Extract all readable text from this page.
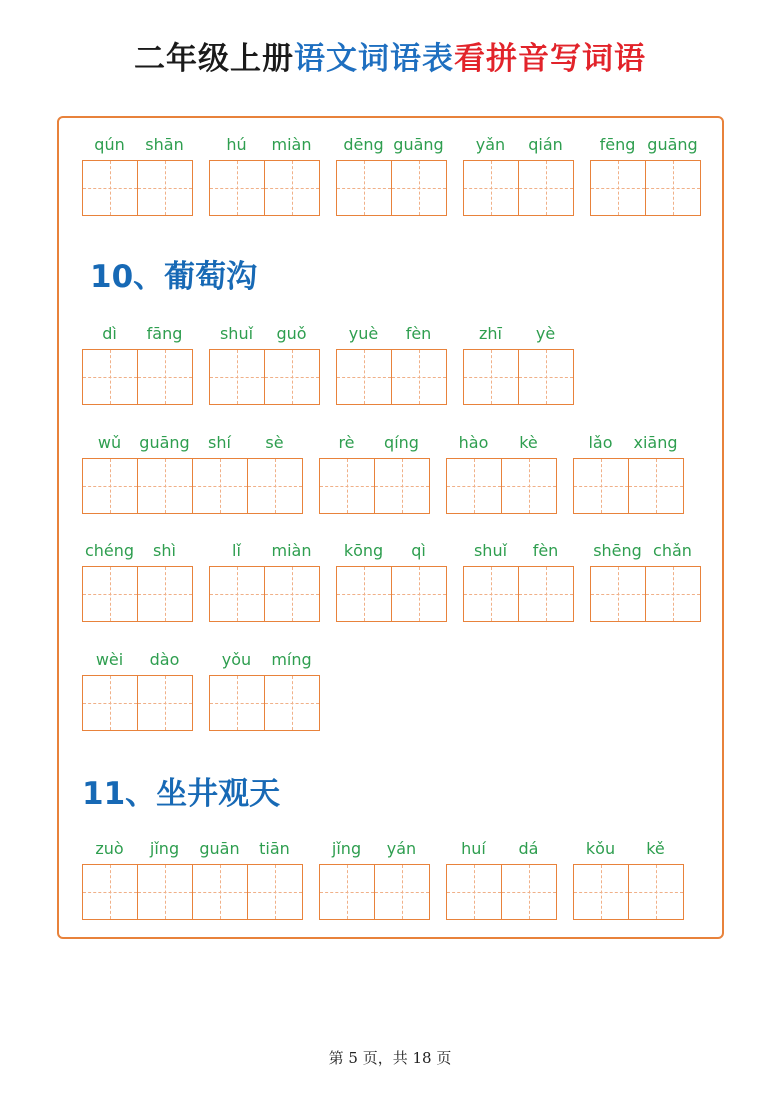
二年级上册语文词语表看拼音写词语
10、葡萄沟
11、坐井观天
qún	shān	hú	miàn	dēng guāng	yǎn	qián	fēng guāng
dì	fāng	shuǐ	guǒ	yuè	fèn	zhī	yè
wǔ	guāng	shí	sè	rè	qíng	hào	kè	lǎo	xiāng
chéng	shì	lǐ	miàn	kōng	qì	shuǐ	fèn	shēng chǎn
wèi	dào	yǒu	míng
zuò	jǐng	guān	tiān	jǐng	yán	huí	dá	kǒu	kě
第 5 页，共 18 页
